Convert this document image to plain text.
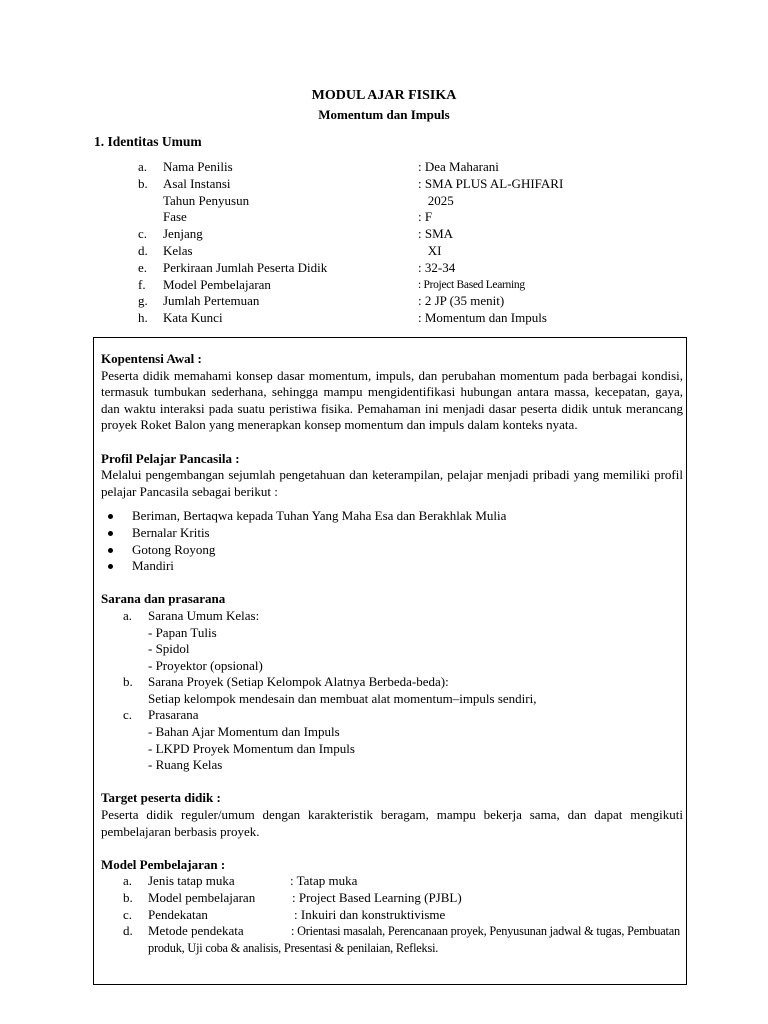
MODUL AJAR FISIKA
Momentum dan Impuls
1. Identitas Umum
a.	Nama Penilis	: Dea Maharani
b.	Asal Instansi	: SMA PLUS AL-GHIFARI
Tahun Penyusun	2025
Fase	: F
c.	Jenjang	: SMA
d.	Kelas	XI
e.	Perkiraan Jumlah Peserta Didik	: 32-34
f.	Model Pembelajaran	: Project Based Learning
g.	Jumlah Pertemuan	: 2 JP (35 menit)
h.	Kata Kunci	: Momentum dan Impuls
Kopentensi Awal :
Peserta didik memahami konsep dasar momentum, impuls, dan perubahan momentum pada berbagai kondisi, termasuk tumbukan sederhana, sehingga mampu mengidentifikasi hubungan antara massa, kecepatan, gaya, dan waktu interaksi pada suatu peristiwa fisika. Pemahaman ini menjadi dasar peserta didik untuk merancang proyek Roket Balon yang menerapkan konsep momentum dan impuls dalam konteks nyata.
Profil Pelajar Pancasila :
Melalui pengembangan sejumlah pengetahuan dan keterampilan, pelajar menjadi pribadi yang memiliki profil pelajar Pancasila sebagai berikut :
Beriman, Bertaqwa kepada Tuhan Yang Maha Esa dan Berakhlak Mulia
Bernalar Kritis
Gotong Royong
Mandiri
Sarana dan prasarana
a.	Sarana Umum Kelas:
- Papan Tulis
- Spidol
- Proyektor (opsional)
b.	Sarana Proyek (Setiap Kelompok Alatnya Berbeda-beda):
Setiap kelompok mendesain dan membuat alat momentum–impuls sendiri,
c.	Prasarana
- Bahan Ajar Momentum dan Impuls
- LKPD Proyek Momentum dan Impuls
- Ruang Kelas
Target peserta didik :
Peserta didik reguler/umum dengan karakteristik beragam, mampu bekerja sama, dan dapat mengikuti pembelajaran berbasis proyek.
Model Pembelajaran :
a.	Jenis tatap muka	: Tatap muka
b.	Model pembelajaran	: Project Based Learning (PJBL)
c.	Pendekatan	: Inkuiri dan konstruktivisme
d.	Metode pendekata	: Orientasi masalah, Perencanaan proyek, Penyusunan jadwal & tugas, Pembuatan produk, Uji coba & analisis, Presentasi & penilaian, Refleksi.
